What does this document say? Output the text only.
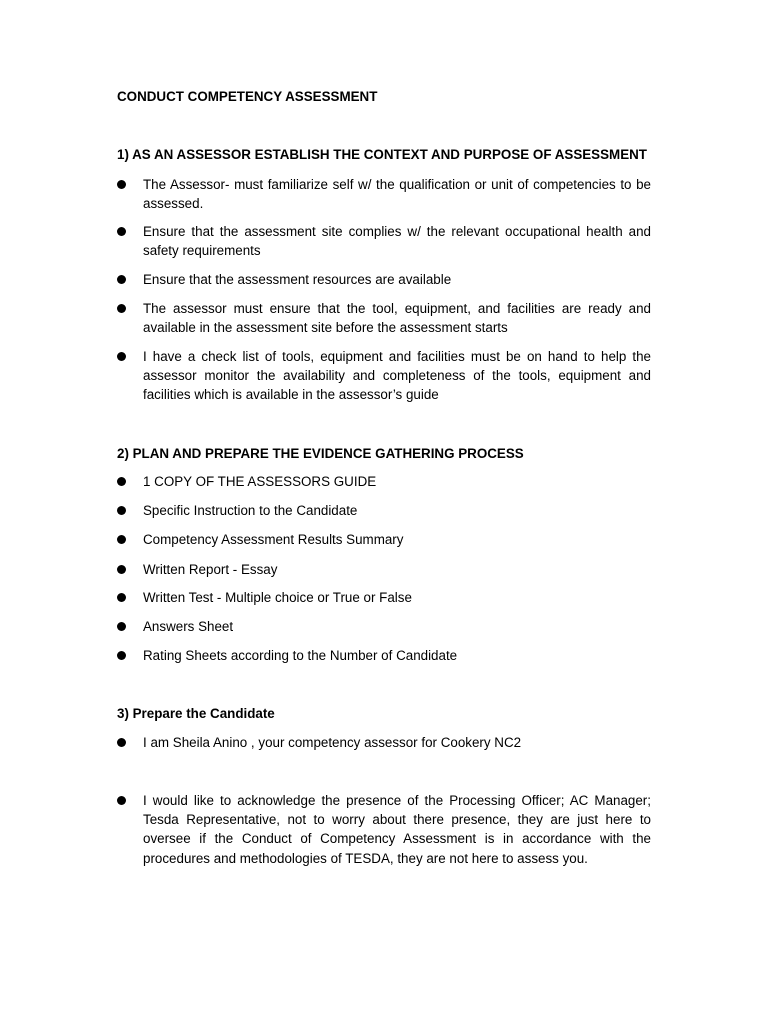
CONDUCT COMPETENCY ASSESSMENT
1) AS AN ASSESSOR ESTABLISH THE CONTEXT AND PURPOSE OF ASSESSMENT
The Assessor- must familiarize self w/ the qualification or unit of competencies to be assessed.
Ensure that the assessment site complies w/ the relevant occupational health and safety requirements
Ensure that the assessment resources are available
The assessor must ensure that the tool, equipment, and facilities are ready and available in the assessment site before the assessment starts
I have a check list of tools, equipment and facilities must be on hand to help the assessor monitor the availability and completeness of the tools, equipment and facilities which is available in the assessor’s guide
2) PLAN AND PREPARE THE EVIDENCE GATHERING PROCESS
1 COPY OF THE ASSESSORS GUIDE
Specific Instruction to the Candidate
Competency Assessment Results Summary
Written Report - Essay
Written Test - Multiple choice or True or False
Answers Sheet
Rating Sheets according to the Number of Candidate
3) Prepare the Candidate
I am Sheila Anino , your competency assessor for Cookery NC2
I would like to acknowledge the presence of the Processing Officer; AC Manager; Tesda Representative, not to worry about there presence, they are just here to oversee if the Conduct of Competency Assessment is in accordance with the procedures and methodologies of TESDA, they are not here to assess you.
